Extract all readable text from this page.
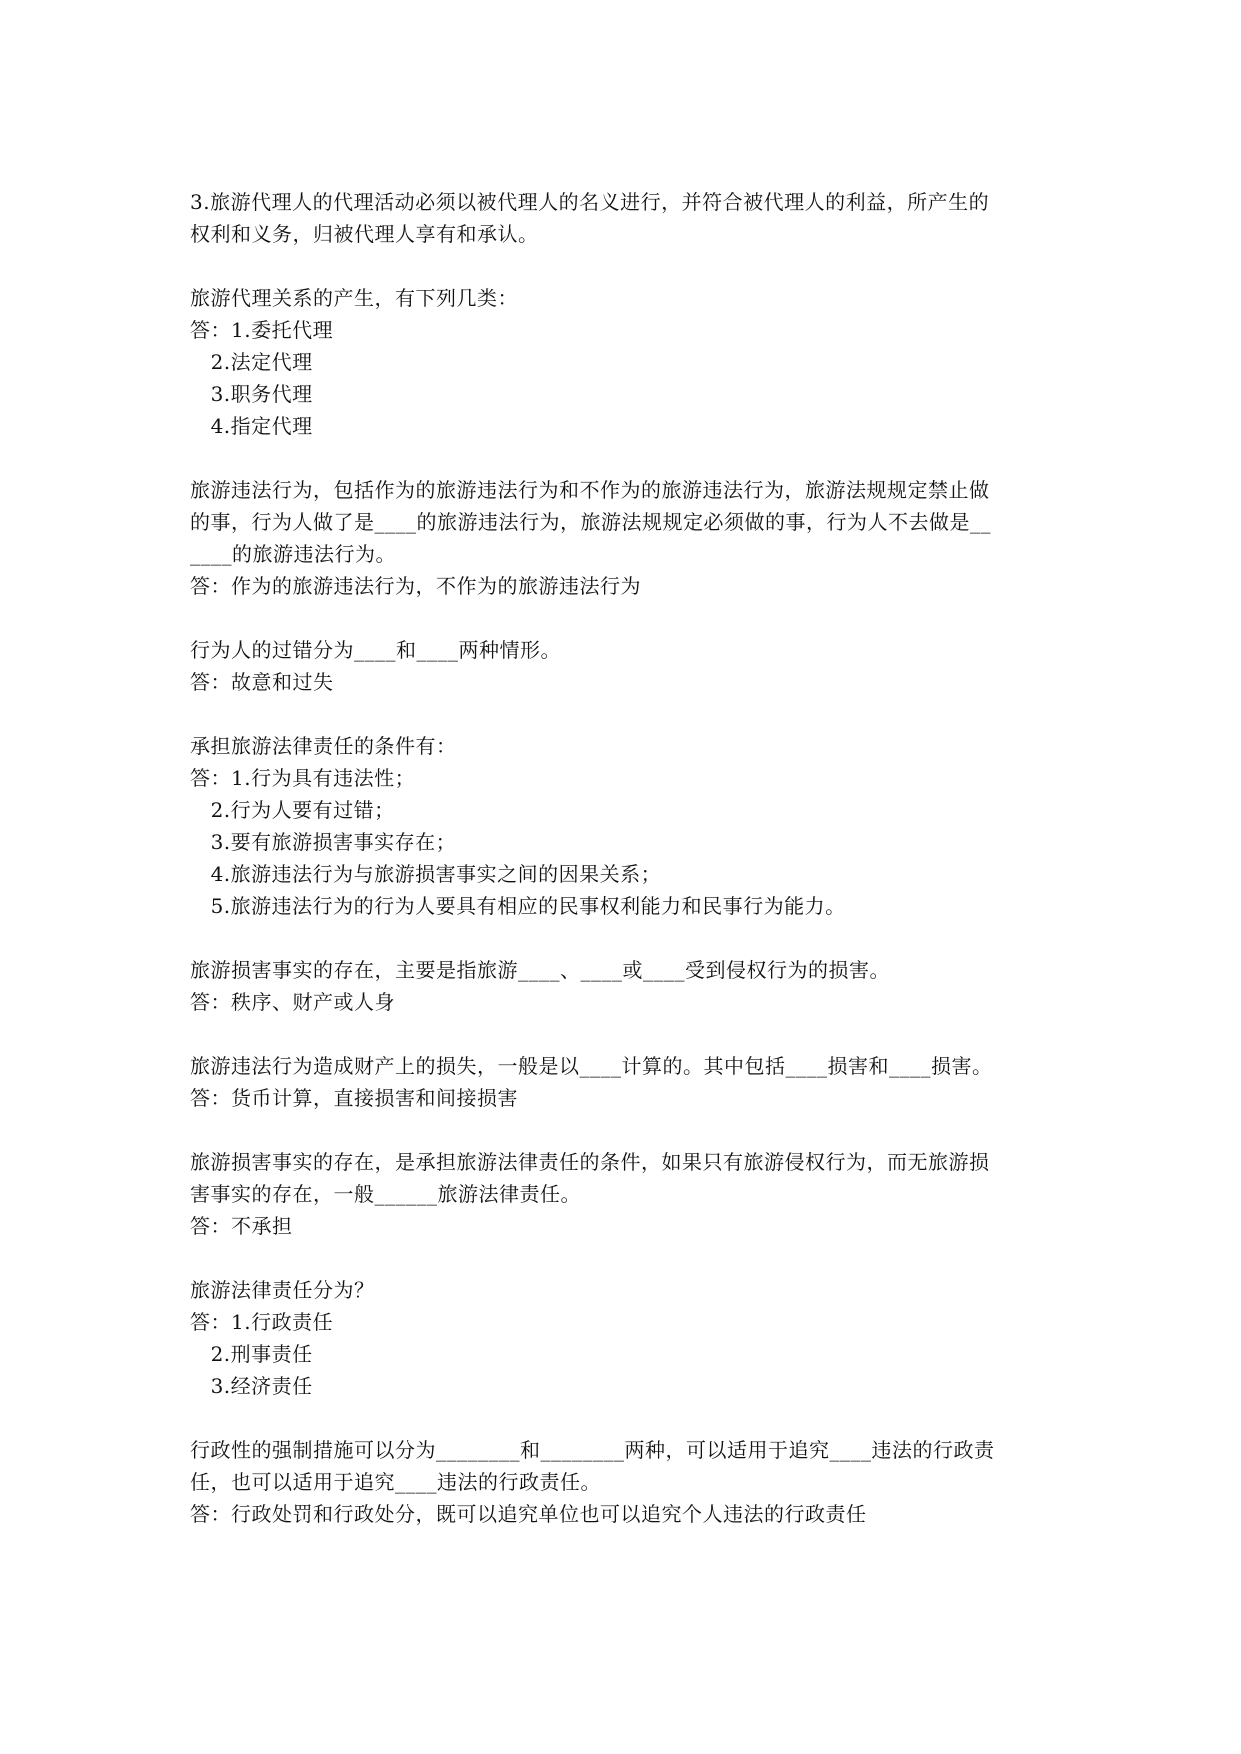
3.旅游代理人的代理活动必须以被代理人的名义进行，并符合被代理人的利益，所产生的
权利和义务，归被代理人享有和承认。
旅游代理关系的产生，有下列几类：
答：1.委托代理
2.法定代理
3.职务代理
4.指定代理
旅游违法行为，包括作为的旅游违法行为和不作为的旅游违法行为，旅游法规规定禁止做
的事，行为人做了是____的旅游违法行为，旅游法规规定必须做的事，行为人不去做是__
____的旅游违法行为。
答：作为的旅游违法行为，不作为的旅游违法行为
行为人的过错分为____和____两种情形。
答：故意和过失
承担旅游法律责任的条件有：
答：1.行为具有违法性；
2.行为人要有过错；
3.要有旅游损害事实存在；
4.旅游违法行为与旅游损害事实之间的因果关系；
5.旅游违法行为的行为人要具有相应的民事权利能力和民事行为能力。
旅游损害事实的存在，主要是指旅游____、____或____受到侵权行为的损害。
答：秩序、财产或人身
旅游违法行为造成财产上的损失，一般是以____计算的。其中包括____损害和____损害。
答：货币计算，直接损害和间接损害
旅游损害事实的存在，是承担旅游法律责任的条件，如果只有旅游侵权行为，而无旅游损
害事实的存在，一般______旅游法律责任。
答：不承担
旅游法律责任分为？
答：1.行政责任
2.刑事责任
3.经济责任
行政性的强制措施可以分为________和________两种，可以适用于追究____违法的行政责
任，也可以适用于追究____违法的行政责任。
答：行政处罚和行政处分，既可以追究单位也可以追究个人违法的行政责任
